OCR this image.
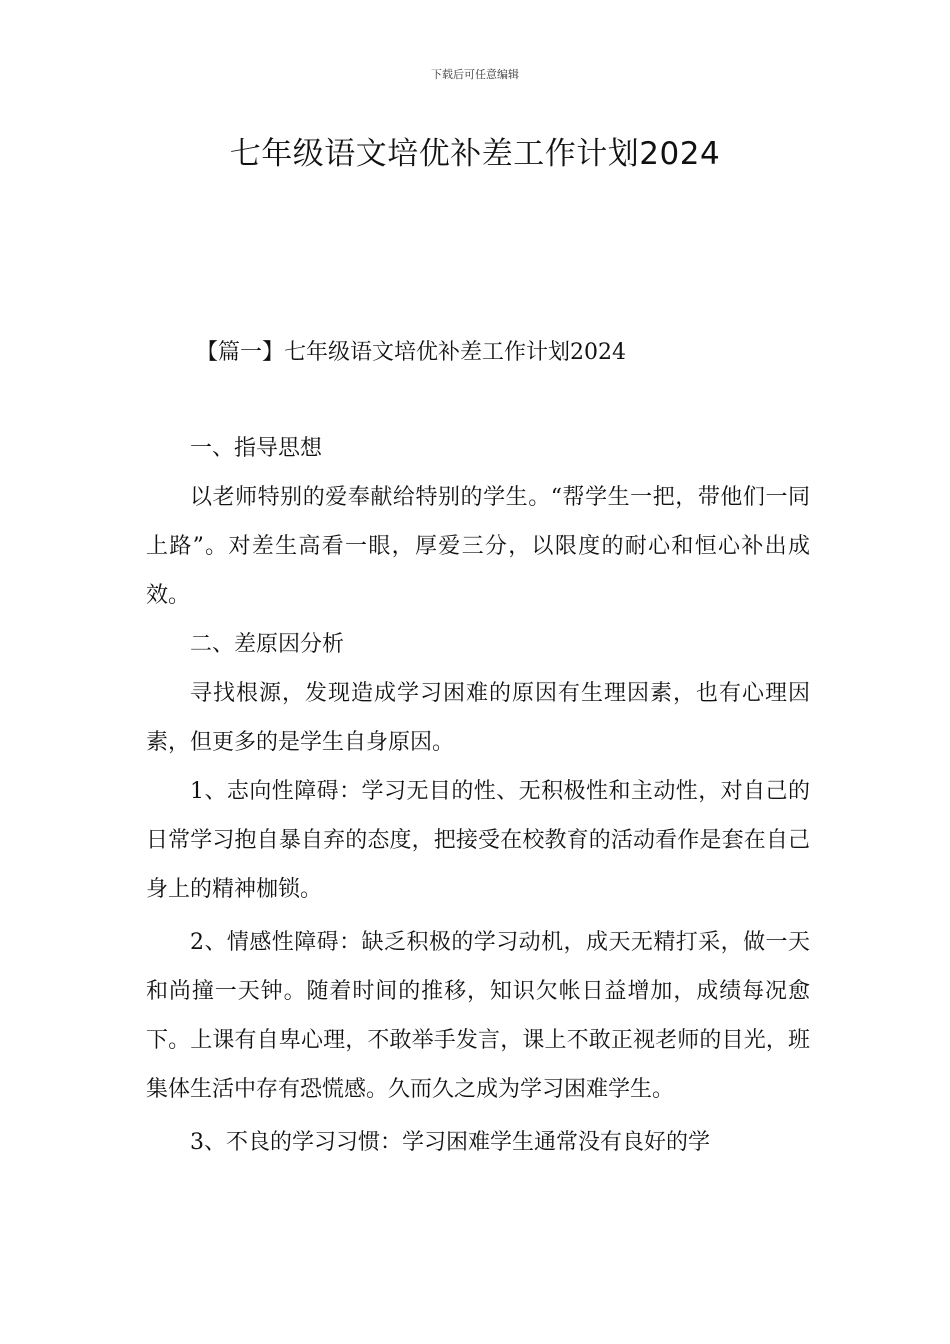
下载后可任意编辑
七年级语文培优补差工作计划2024
【篇一】七年级语文培优补差工作计划2024

一、指导思想

以老师特别的爱奉献给特别的学生。“帮学生一把，带他们一同上路”。对差生高看一眼，厚爱三分，以限度的耐心和恒心补出成效。

二、差原因分析

寻找根源，发现造成学习困难的原因有生理因素，也有心理因素，但更多的是学生自身原因。

1、志向性障碍：学习无目的性、无积极性和主动性，对自己的日常学习抱自暴自弃的态度，把接受在校教育的活动看作是套在自己身上的精神枷锁。

2、情感性障碍：缺乏积极的学习动机，成天无精打采，做一天和尚撞一天钟。随着时间的推移，知识欠帐日益增加，成绩每况愈下。上课有自卑心理，不敢举手发言，课上不敢正视老师的目光，班集体生活中存有恐慌感。久而久之成为学习困难学生。

3、不良的学习习惯：学习困难学生通常没有良好的学
